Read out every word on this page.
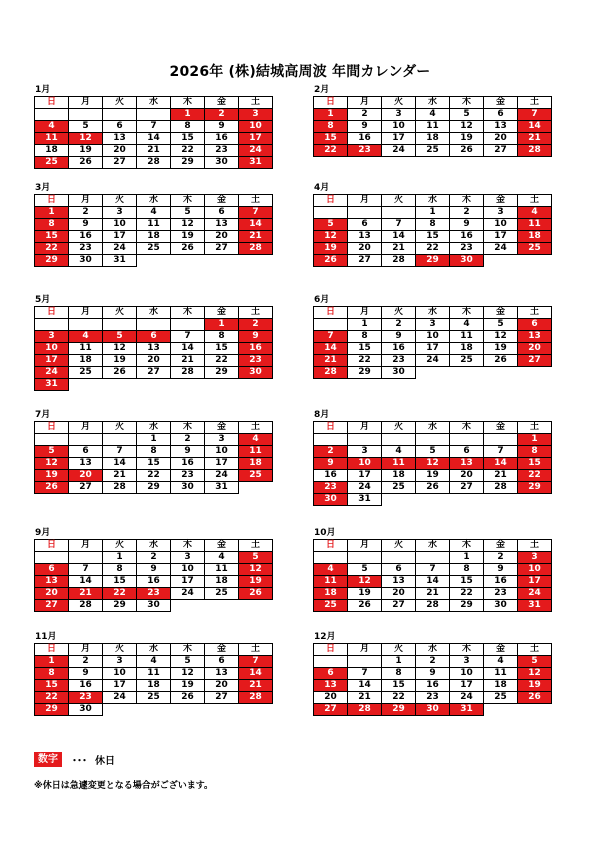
2026年 (株)結城高周波 年間カレンダー
1月
日	月	火	水	木	金	土
				1	2	3
4	5	6	7	8	9	10
11	12	13	14	15	16	17
18	19	20	21	22	23	24
25	26	27	28	29	30	31
2月
日	月	火	水	木	金	土
1	2	3	4	5	6	7
8	9	10	11	12	13	14
15	16	17	18	19	20	21
22	23	24	25	26	27	28
3月
日	月	火	水	木	金	土
1	2	3	4	5	6	7
8	9	10	11	12	13	14
15	16	17	18	19	20	21
22	23	24	25	26	27	28
29	30	31				
4月
日	月	火	水	木	金	土
			1	2	3	4
5	6	7	8	9	10	11
12	13	14	15	16	17	18
19	20	21	22	23	24	25
26	27	28	29	30		
5月
日	月	火	水	木	金	土
					1	2
3	4	5	6	7	8	9
10	11	12	13	14	15	16
17	18	19	20	21	22	23
24	25	26	27	28	29	30
31						
6月
日	月	火	水	木	金	土
	1	2	3	4	5	6
7	8	9	10	11	12	13
14	15	16	17	18	19	20
21	22	23	24	25	26	27
28	29	30				
7月
日	月	火	水	木	金	土
			1	2	3	4
5	6	7	8	9	10	11
12	13	14	15	16	17	18
19	20	21	22	23	24	25
26	27	28	29	30	31	
8月
日	月	火	水	木	金	土
						1
2	3	4	5	6	7	8
9	10	11	12	13	14	15
16	17	18	19	20	21	22
23	24	25	26	27	28	29
30	31					
9月
日	月	火	水	木	金	土
		1	2	3	4	5
6	7	8	9	10	11	12
13	14	15	16	17	18	19
20	21	22	23	24	25	26
27	28	29	30			
10月
日	月	火	水	木	金	土
				1	2	3
4	5	6	7	8	9	10
11	12	13	14	15	16	17
18	19	20	21	22	23	24
25	26	27	28	29	30	31
11月
日	月	火	水	木	金	土
1	2	3	4	5	6	7
8	9	10	11	12	13	14
15	16	17	18	19	20	21
22	23	24	25	26	27	28
29	30					
12月
日	月	火	水	木	金	土
		1	2	3	4	5
6	7	8	9	10	11	12
13	14	15	16	17	18	19
20	21	22	23	24	25	26
27	28	29	30	31		
数字	･･･ 休日
※休日は急遽変更となる場合がございます。
